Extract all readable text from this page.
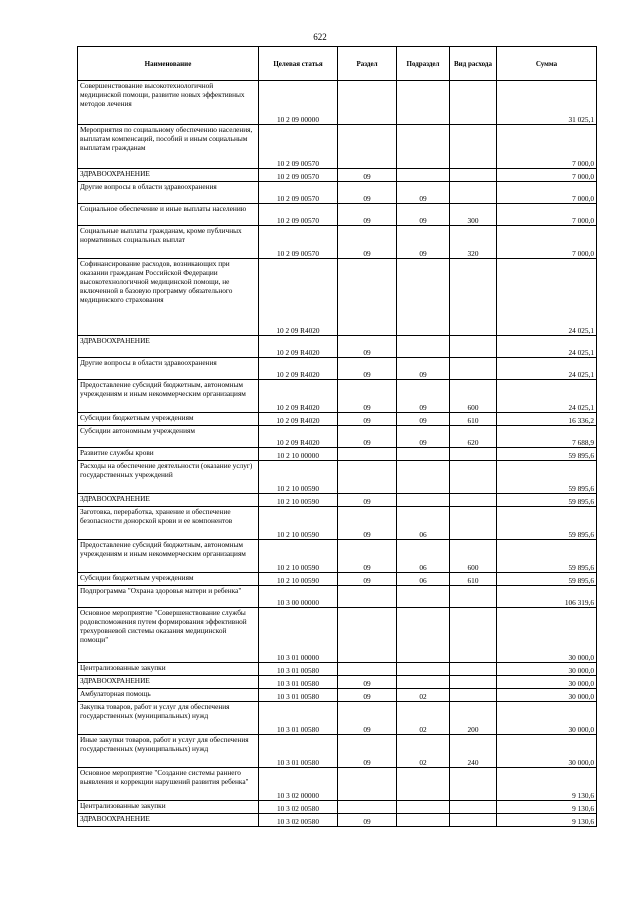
622
Наименование	Целевая статья	Раздел	Подраздел	Вид расхода	Сумма
Совершенствование высокотехнологичной медицинской помощи, развитие новых эффективных методов лечения	10 2 09 00000				31 025,1
Мероприятия по социальному обеспечению населения, выплатам компенсаций, пособий и иным социальным выплатам гражданам	10 2 09 00570				7 000,0
ЗДРАВООХРАНЕНИЕ	10 2 09 00570	09			7 000,0
Другие вопросы в области здравоохранения	10 2 09 00570	09	09		7 000,0
Социальное обеспечение и иные выплаты населению	10 2 09 00570	09	09	300	7 000,0
Социальные выплаты гражданам, кроме публичных нормативных социальных выплат	10 2 09 00570	09	09	320	7 000,0
Софинансирование расходов, возникающих при оказании гражданам Российской Федерации высокотехнологичной медицинской помощи, не включенной в базовую программу обязательного медицинского страхования	10 2 09 R4020				24 025,1
ЗДРАВООХРАНЕНИЕ	10 2 09 R4020	09			24 025,1
Другие вопросы в области здравоохранения	10 2 09 R4020	09	09		24 025,1
Предоставление субсидий бюджетным, автономным учреждениям и иным некоммерческим организациям	10 2 09 R4020	09	09	600	24 025,1
Субсидии бюджетным учреждениям	10 2 09 R4020	09	09	610	16 336,2
Субсидии автономным учреждениям	10 2 09 R4020	09	09	620	7 688,9
Развитие службы крови	10 2 10 00000				59 895,6
Расходы на обеспечение деятельности (оказание услуг) государственных учреждений	10 2 10 00590				59 895,6
ЗДРАВООХРАНЕНИЕ	10 2 10 00590	09			59 895,6
Заготовка, переработка, хранение и обеспечение безопасности донорской крови и ее компонентов	10 2 10 00590	09	06		59 895,6
Предоставление субсидий бюджетным, автономным учреждениям и иным некоммерческим организациям	10 2 10 00590	09	06	600	59 895,6
Субсидии бюджетным учреждениям	10 2 10 00590	09	06	610	59 895,6
Подпрограмма "Охрана здоровья матери и ребенка"	10 3 00 00000				106 319,6
Основное мероприятие "Совершенствование службы родовспоможения путем формирования эффективной трехуровневой системы оказания медицинской помощи"	10 3 01 00000				30 000,0
Централизованные закупки	10 3 01 00580				30 000,0
ЗДРАВООХРАНЕНИЕ	10 3 01 00580	09			30 000,0
Амбулаторная помощь	10 3 01 00580	09	02		30 000,0
Закупка товаров, работ и услуг для обеспечения государственных (муниципальных) нужд	10 3 01 00580	09	02	200	30 000,0
Иные закупки товаров, работ и услуг для обеспечения государственных (муниципальных) нужд	10 3 01 00580	09	02	240	30 000,0
Основное мероприятие "Создание системы раннего выявления и коррекции нарушений развития ребенка"	10 3 02 00000				9 130,6
Централизованные закупки	10 3 02 00580				9 130,6
ЗДРАВООХРАНЕНИЕ	10 3 02 00580	09			9 130,6
